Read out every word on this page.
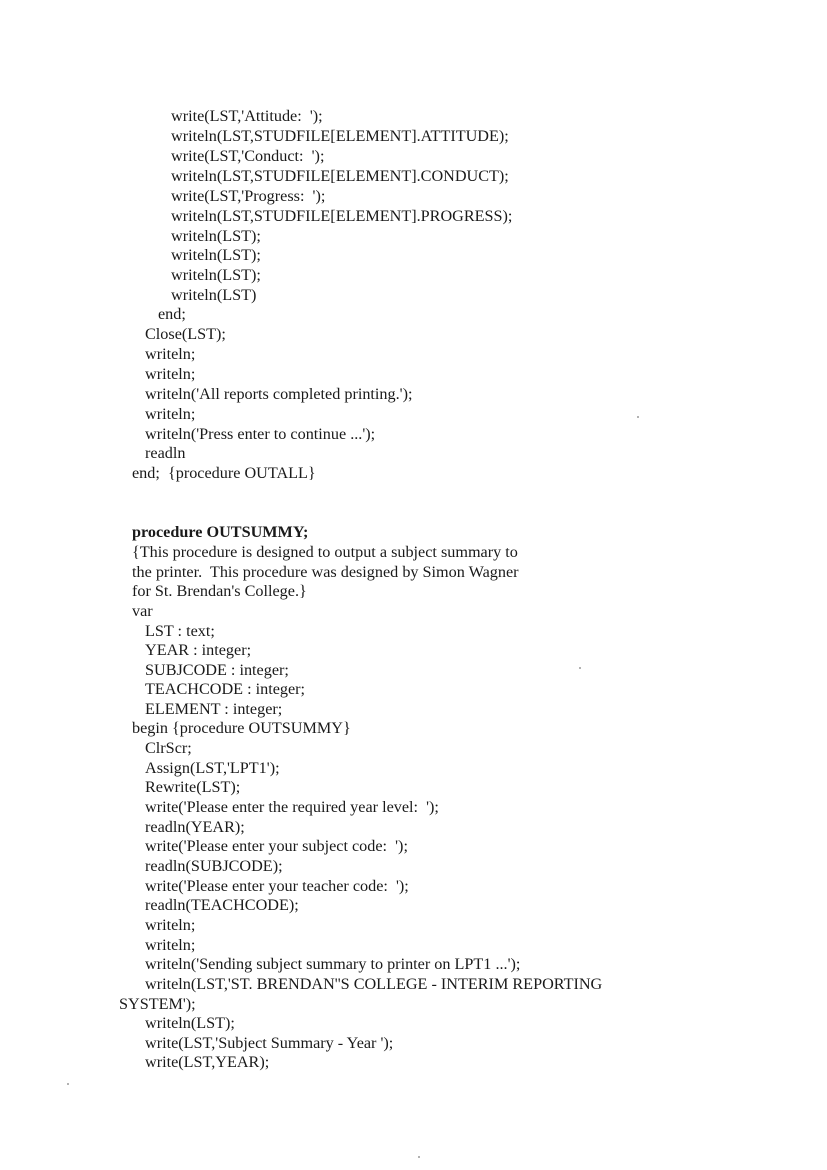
write(LST,'Attitude:  ');
writeln(LST,STUDFILE[ELEMENT].ATTITUDE);
write(LST,'Conduct:  ');
writeln(LST,STUDFILE[ELEMENT].CONDUCT);
write(LST,'Progress:  ');
writeln(LST,STUDFILE[ELEMENT].PROGRESS);
writeln(LST);
writeln(LST);
writeln(LST);
writeln(LST)
end;
Close(LST);
writeln;
writeln;
writeln('All reports completed printing.');
writeln;
writeln('Press enter to continue ...');
readln
end;  {procedure OUTALL}
procedure OUTSUMMY;
{This procedure is designed to output a subject summary to
the printer.  This procedure was designed by Simon Wagner
for St. Brendan's College.}
var
LST : text;
YEAR : integer;
SUBJCODE : integer;
TEACHCODE : integer;
ELEMENT : integer;
begin {procedure OUTSUMMY}
ClrScr;
Assign(LST,'LPT1');
Rewrite(LST);
write('Please enter the required year level:  ');
readln(YEAR);
write('Please enter your subject code:  ');
readln(SUBJCODE);
write('Please enter your teacher code:  ');
readln(TEACHCODE);
writeln;
writeln;
writeln('Sending subject summary to printer on LPT1 ...');
writeln(LST,'ST. BRENDAN''S COLLEGE - INTERIM REPORTING
SYSTEM');
writeln(LST);
write(LST,'Subject Summary - Year ');
write(LST,YEAR);
